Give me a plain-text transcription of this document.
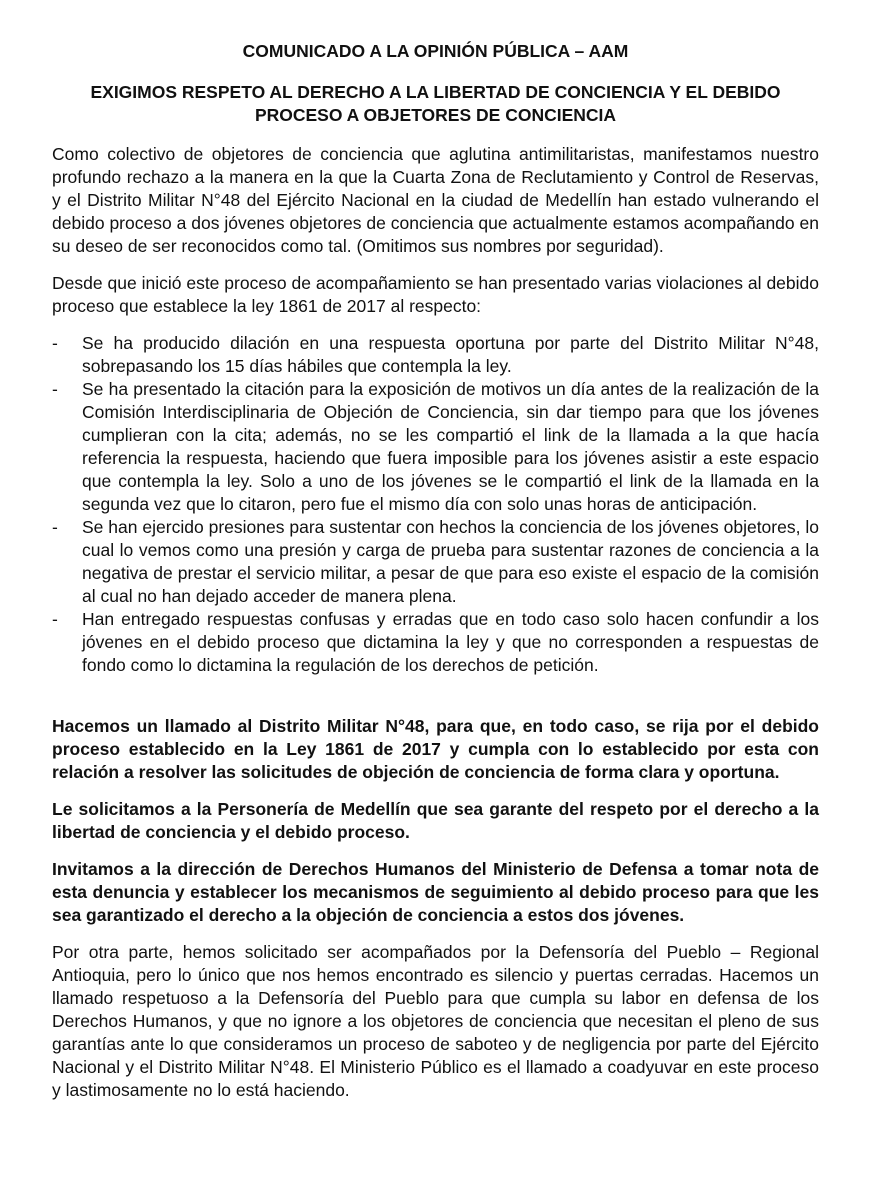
COMUNICADO A LA OPINIÓN PÚBLICA – AAM
EXIGIMOS RESPETO AL DERECHO A LA LIBERTAD DE CONCIENCIA Y EL DEBIDO PROCESO A OBJETORES DE CONCIENCIA

Como colectivo de objetores de conciencia que aglutina antimilitaristas, manifestamos nuestro profundo rechazo a la manera en la que la Cuarta Zona de Reclutamiento y Control de Reservas, y el Distrito Militar N°48 del Ejército Nacional en la ciudad de Medellín han estado vulnerando el debido proceso a dos jóvenes objetores de conciencia que actualmente estamos acompañando en su deseo de ser reconocidos como tal. (Omitimos sus nombres por seguridad).

Desde que inició este proceso de acompañamiento se han presentado varias violaciones al debido proceso que establece la ley 1861 de 2017 al respecto:

- Se ha producido dilación en una respuesta oportuna por parte del Distrito Militar N°48, sobrepasando los 15 días hábiles que contempla la ley.
- Se ha presentado la citación para la exposición de motivos un día antes de la realización de la Comisión Interdisciplinaria de Objeción de Conciencia, sin dar tiempo para que los jóvenes cumplieran con la cita; además, no se les compartió el link de la llamada a la que hacía referencia la respuesta, haciendo que fuera imposible para los jóvenes asistir a este espacio que contempla la ley. Solo a uno de los jóvenes se le compartió el link de la llamada en la segunda vez que lo citaron, pero fue el mismo día con solo unas horas de anticipación.
- Se han ejercido presiones para sustentar con hechos la conciencia de los jóvenes objetores, lo cual lo vemos como una presión y carga de prueba para sustentar razones de conciencia a la negativa de prestar el servicio militar, a pesar de que para eso existe el espacio de la comisión al cual no han dejado acceder de manera plena.
- Han entregado respuestas confusas y erradas que en todo caso solo hacen confundir a los jóvenes en el debido proceso que dictamina la ley y que no corresponden a respuestas de fondo como lo dictamina la regulación de los derechos de petición.

Hacemos un llamado al Distrito Militar N°48, para que, en todo caso, se rija por el debido proceso establecido en la Ley 1861 de 2017 y cumpla con lo establecido por esta con relación a resolver las solicitudes de objeción de conciencia de forma clara y oportuna.

Le solicitamos a la Personería de Medellín que sea garante del respeto por el derecho a la libertad de conciencia y el debido proceso.

Invitamos a la dirección de Derechos Humanos del Ministerio de Defensa a tomar nota de esta denuncia y establecer los mecanismos de seguimiento al debido proceso para que les sea garantizado el derecho a la objeción de conciencia a estos dos jóvenes.

Por otra parte, hemos solicitado ser acompañados por la Defensoría del Pueblo – Regional Antioquia, pero lo único que nos hemos encontrado es silencio y puertas cerradas. Hacemos un llamado respetuoso a la Defensoría del Pueblo para que cumpla su labor en defensa de los Derechos Humanos, y que no ignore a los objetores de conciencia que necesitan el pleno de sus garantías ante lo que consideramos un proceso de saboteo y de negligencia por parte del Ejército Nacional y el Distrito Militar N°48. El Ministerio Público es el llamado a coadyuvar en este proceso y lastimosamente no lo está haciendo.
